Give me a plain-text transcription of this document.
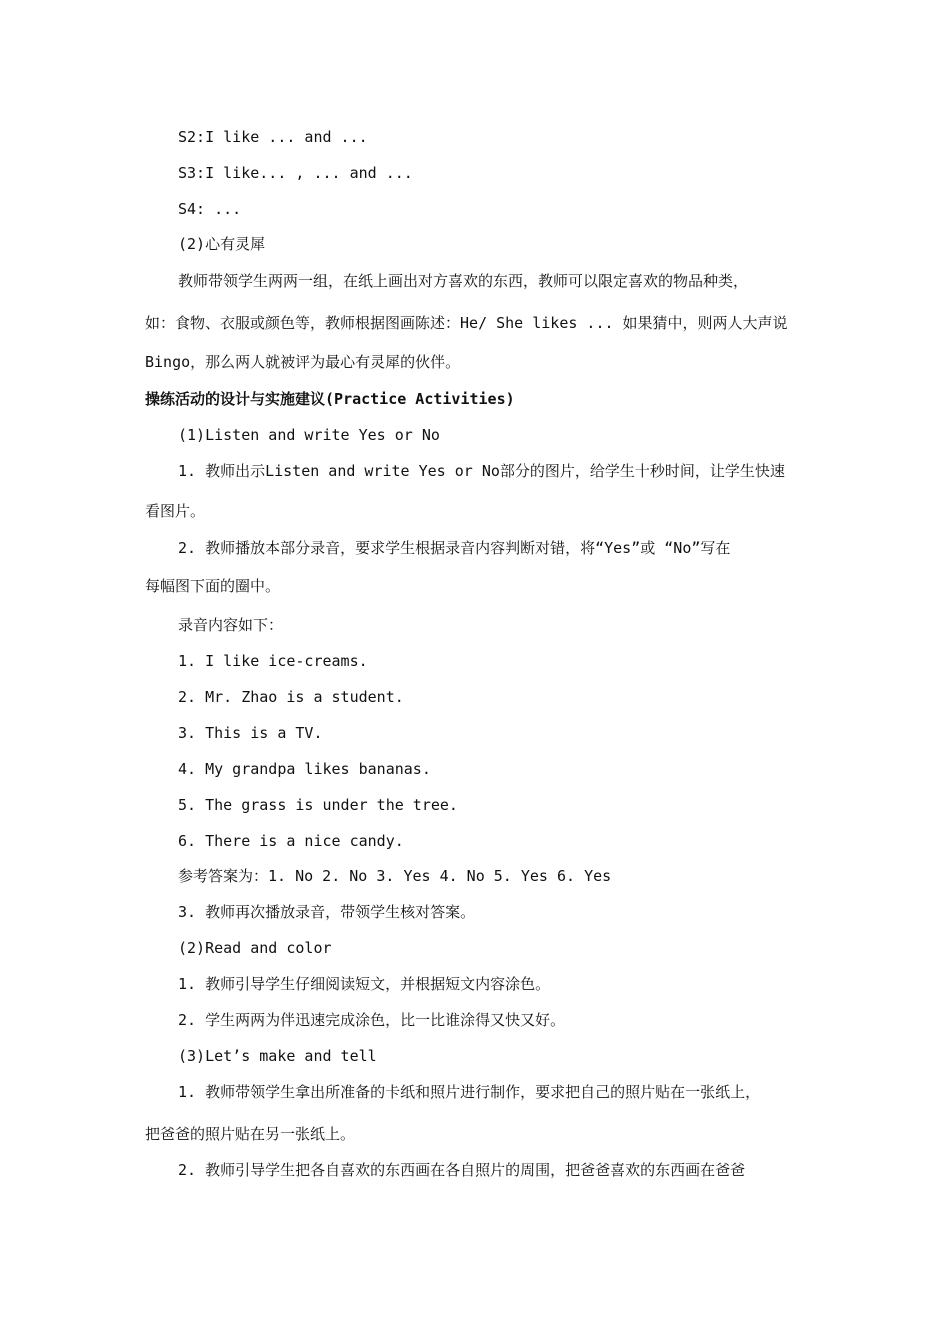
S2:I like ... and ...
S3:I like... , ... and ...
S4: ...
(2)心有灵犀
教师带领学生两两一组，在纸上画出对方喜欢的东西，教师可以限定喜欢的物品种类，
如：食物、衣服或颜色等，教师根据图画陈述：He/ She likes ... 如果猜中，则两人大声说
Bingo，那么两人就被评为最心有灵犀的伙伴。
操练活动的设计与实施建议(Practice Activities)
(1)Listen and write Yes or No
1. 教师出示Listen and write Yes or No部分的图片，给学生十秒时间，让学生快速
看图片。
2. 教师播放本部分录音，要求学生根据录音内容判断对错，将“Yes”或 “No”写在
每幅图下面的圈中。
录音内容如下：
1. I like ice-creams.
2. Mr. Zhao is a student.
3. This is a TV.
4. My grandpa likes bananas.
5. The grass is under the tree.
6. There is a nice candy.
参考答案为：1. No 2. No 3. Yes 4. No 5. Yes 6. Yes
3. 教师再次播放录音，带领学生核对答案。
(2)Read and color
1. 教师引导学生仔细阅读短文，并根据短文内容涂色。
2. 学生两两为伴迅速完成涂色，比一比谁涂得又快又好。
(3)Let’s make and tell
1. 教师带领学生拿出所准备的卡纸和照片进行制作，要求把自己的照片贴在一张纸上，
把爸爸的照片贴在另一张纸上。
2. 教师引导学生把各自喜欢的东西画在各自照片的周围，把爸爸喜欢的东西画在爸爸
